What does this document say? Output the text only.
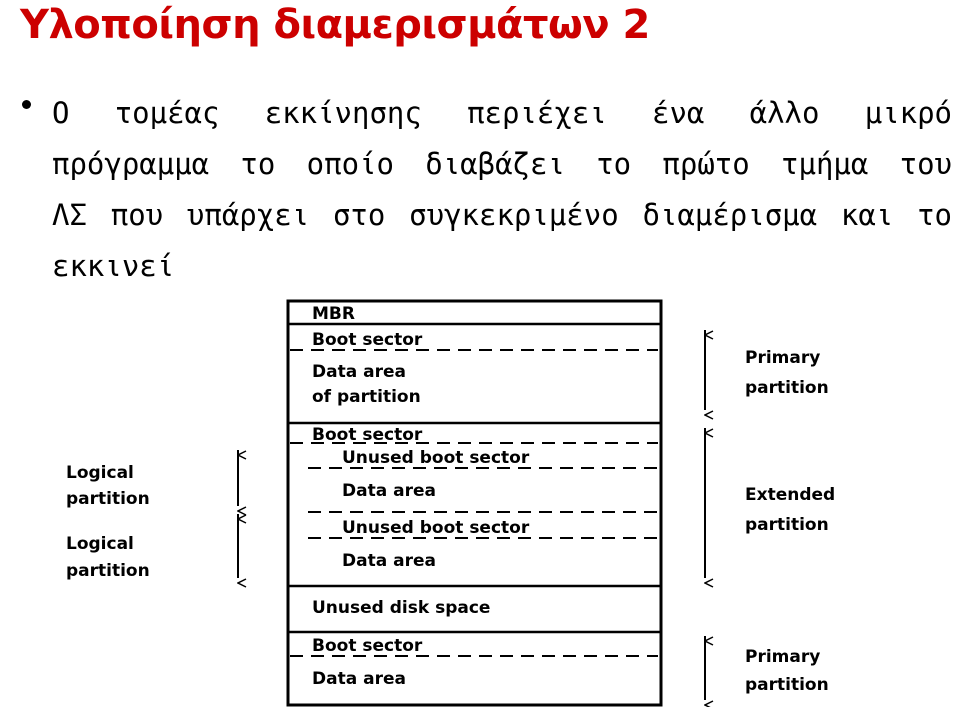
Υλοποίηση διαμερισμάτων 2
Ο τομέας εκκίνησης περιέχει ένα άλλο μικρό πρόγραμμα το οποίο διαβάζει το πρώτο τμήμα του ΛΣ που υπάρχει στο συγκεκριμένο διαμέρισμα και το εκκινεί
MBR
Boot sector
Data area
of partition
Boot sector
Unused boot sector
Data area
Unused boot sector
Data area
Unused disk space
Boot sector
Data area
Primary
partition
Extended
partition
Primary
partition
Logical
partition
Logical
partition
